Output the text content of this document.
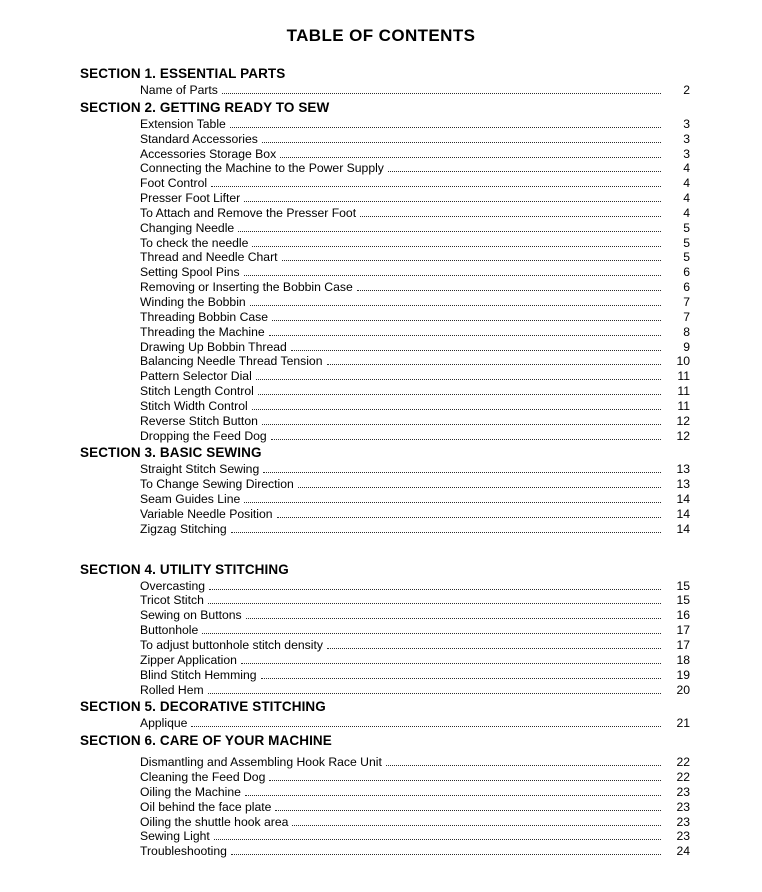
TABLE OF CONTENTS
SECTION 1. ESSENTIAL PARTS
Name of Parts	2
SECTION 2. GETTING READY TO SEW
Extension Table	3
Standard Accessories	3
Accessories Storage Box	3
Connecting the Machine to the Power Supply	4
Foot Control	4
Presser Foot Lifter	4
To Attach and Remove the Presser Foot	4
Changing Needle	5
To check the needle	5
Thread and Needle Chart	5
Setting Spool Pins	6
Removing or Inserting the Bobbin Case	6
Winding the Bobbin	7
Threading Bobbin Case	7
Threading the Machine	8
Drawing Up Bobbin Thread	9
Balancing Needle Thread Tension	10
Pattern Selector Dial	11
Stitch Length Control	11
Stitch Width Control	11
Reverse Stitch Button	12
Dropping the Feed Dog	12
SECTION 3. BASIC SEWING
Straight Stitch Sewing	13
To Change Sewing Direction	13
Seam Guides Line	14
Variable Needle Position	14
Zigzag Stitching	14
SECTION 4. UTILITY STITCHING
Overcasting	15
Tricot Stitch	15
Sewing on Buttons	16
Buttonhole	17
To adjust buttonhole stitch density	17
Zipper Application	18
Blind Stitch Hemming	19
Rolled Hem	20
SECTION 5. DECORATIVE STITCHING
Applique	21
SECTION 6. CARE OF YOUR MACHINE
Dismantling and Assembling Hook Race Unit	22
Cleaning the Feed Dog	22
Oiling the Machine	23
Oil behind the face plate	23
Oiling the shuttle hook area	23
Sewing Light	23
Troubleshooting	24
